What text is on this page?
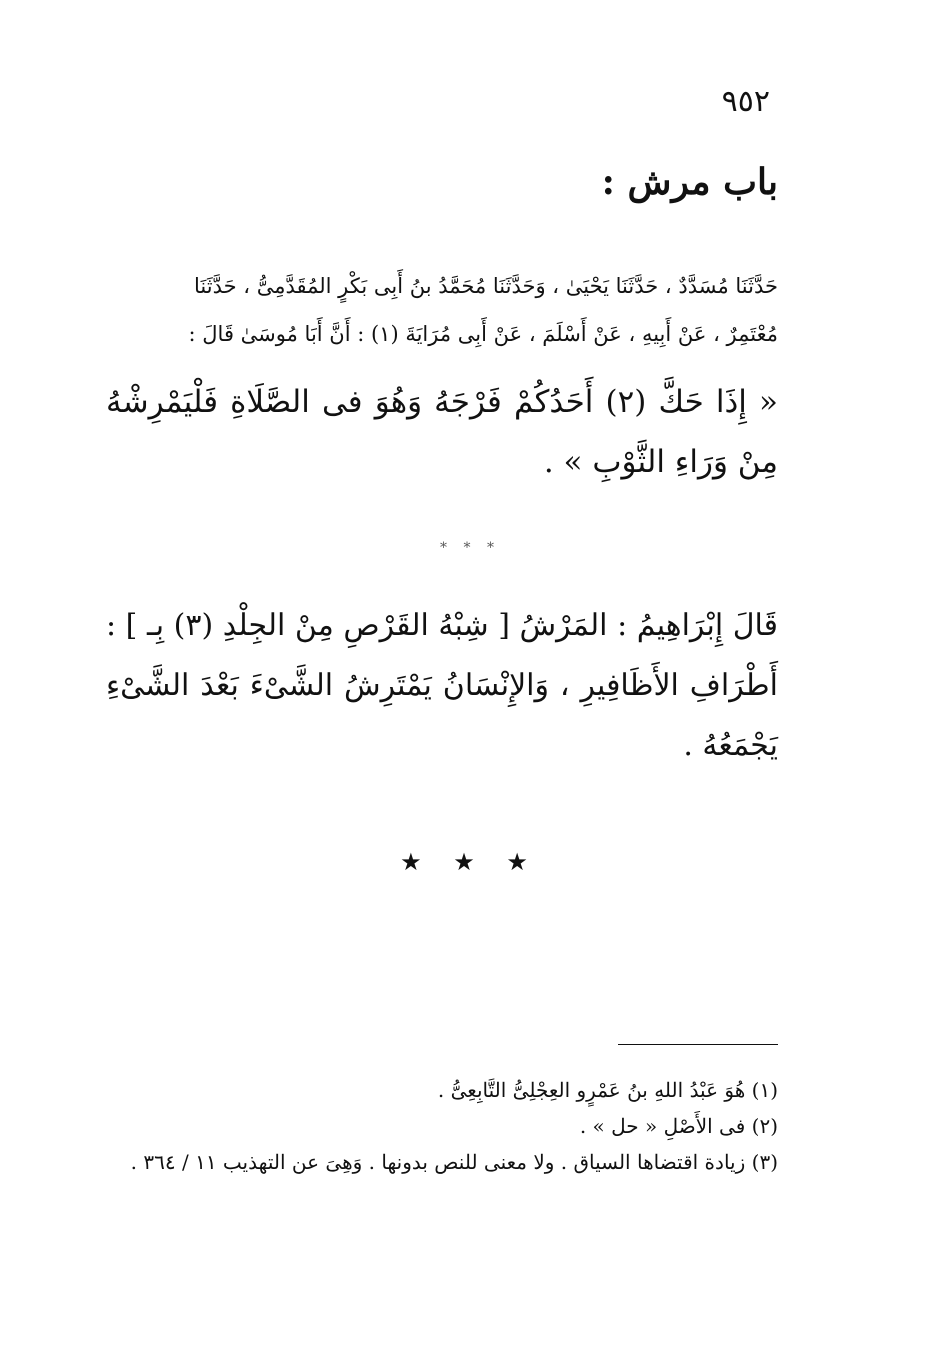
٩٥٢
باب مرش :

حَدَّثَنَا مُسَدَّدٌ ، حَدَّثَنَا يَحْيَىٰ ، وَحَدَّثَنَا مُحَمَّدُ بنُ أَبِى بَكْرٍ المُقَدَّمِىُّ ، حَدَّثَنَا

مُعْتَمِرٌ ، عَنْ أَبِيهِ ، عَنْ أَسْلَمَ ، عَنْ أَبِى مُرَايَةَ (١) : أَنَّ أَبَا مُوسَىٰ قَالَ :

« إِذَا حَكَّ (٢) أَحَدُكُمْ فَرْجَهُ وَهُوَ فى الصَّلَاةِ فَلْيَمْرِشْهُ مِنْ وَرَاءِ الثَّوْبِ » .

* * *

قَالَ إِبْرَاهِيمُ : المَرْشُ [ شِبْهُ القَرْصِ مِنْ الجِلْدِ (٣) بِـ ] : أَطْرَافِ الأَظَافِيرِ ، وَالإِنْسَانُ يَمْتَرِشُ الشَّىْءَ بَعْدَ الشَّىْءِ يَجْمَعُهُ .

★ ★ ★

(١) هُوَ عَبْدُ اللهِ بنُ عَمْرٍو العِجْلِىُّ التَّابِعِىُّ .

(٢) فى الأَصْلِ « حل » .

(٣) زيادة اقتضاها السياق . ولا معنى للنص بدونها . وَهِىَ عن التهذيب ١١ / ٣٦٤ .
